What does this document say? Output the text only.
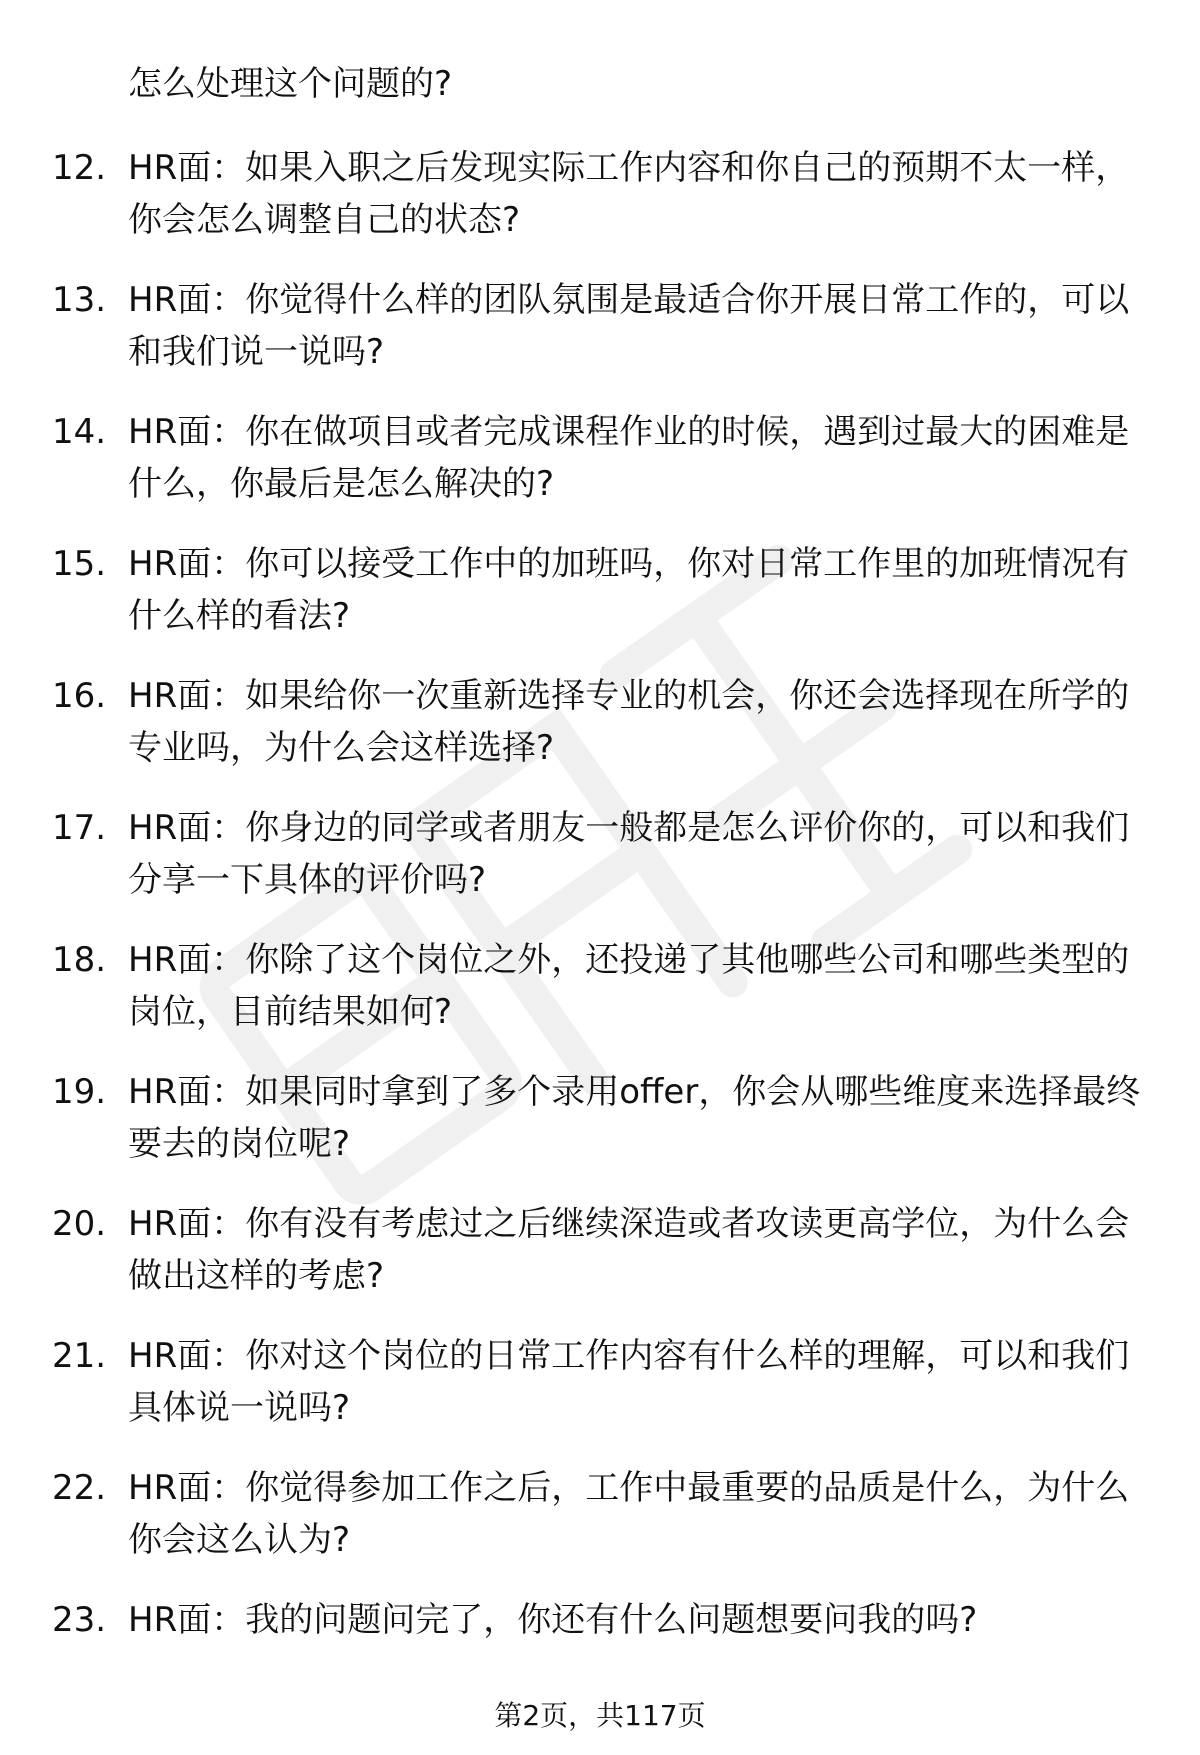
怎么处理这个问题的?

12. HR面：如果入职之后发现实际工作内容和你自己的预期不太一样，你会怎么调整自己的状态?

13. HR面：你觉得什么样的团队氛围是最适合你开展日常工作的，可以和我们说一说吗?

14. HR面：你在做项目或者完成课程作业的时候，遇到过最大的困难是什么，你最后是怎么解决的?

15. HR面：你可以接受工作中的加班吗，你对日常工作里的加班情况有什么样的看法?

16. HR面：如果给你一次重新选择专业的机会，你还会选择现在所学的专业吗，为什么会这样选择?

17. HR面：你身边的同学或者朋友一般都是怎么评价你的，可以和我们分享一下具体的评价吗?

18. HR面：你除了这个岗位之外，还投递了其他哪些公司和哪些类型的岗位，目前结果如何?

19. HR面：如果同时拿到了多个录用offer，你会从哪些维度来选择最终要去的岗位呢?

20. HR面：你有没有考虑过之后继续深造或者攻读更高学位，为什么会做出这样的考虑?

21. HR面：你对这个岗位的日常工作内容有什么样的理解，可以和我们具体说一说吗?

22. HR面：你觉得参加工作之后，工作中最重要的品质是什么，为什么你会这么认为?

23. HR面：我的问题问完了，你还有什么问题想要问我的吗?

第2页，共117页
